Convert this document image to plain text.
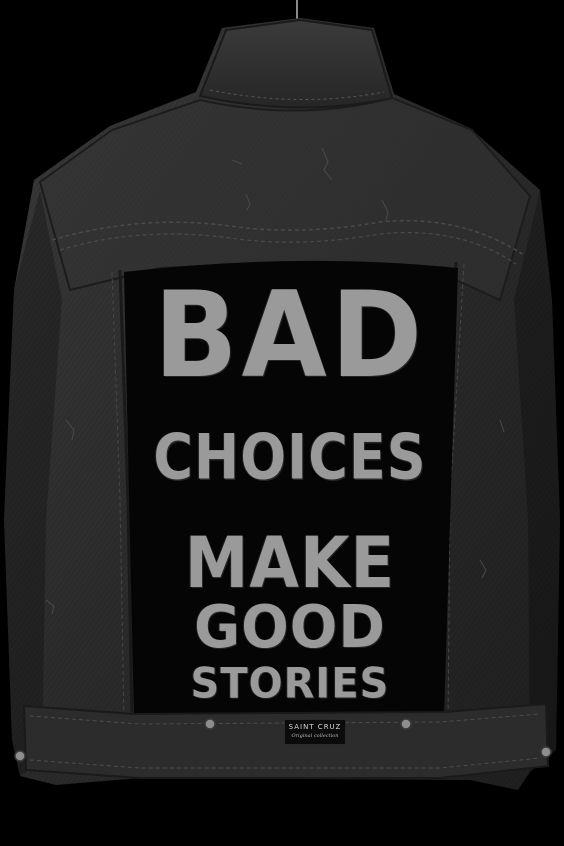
BAD
CHOICES
MAKE
GOOD
STORIES
SAINT CRUZ
Original collection
